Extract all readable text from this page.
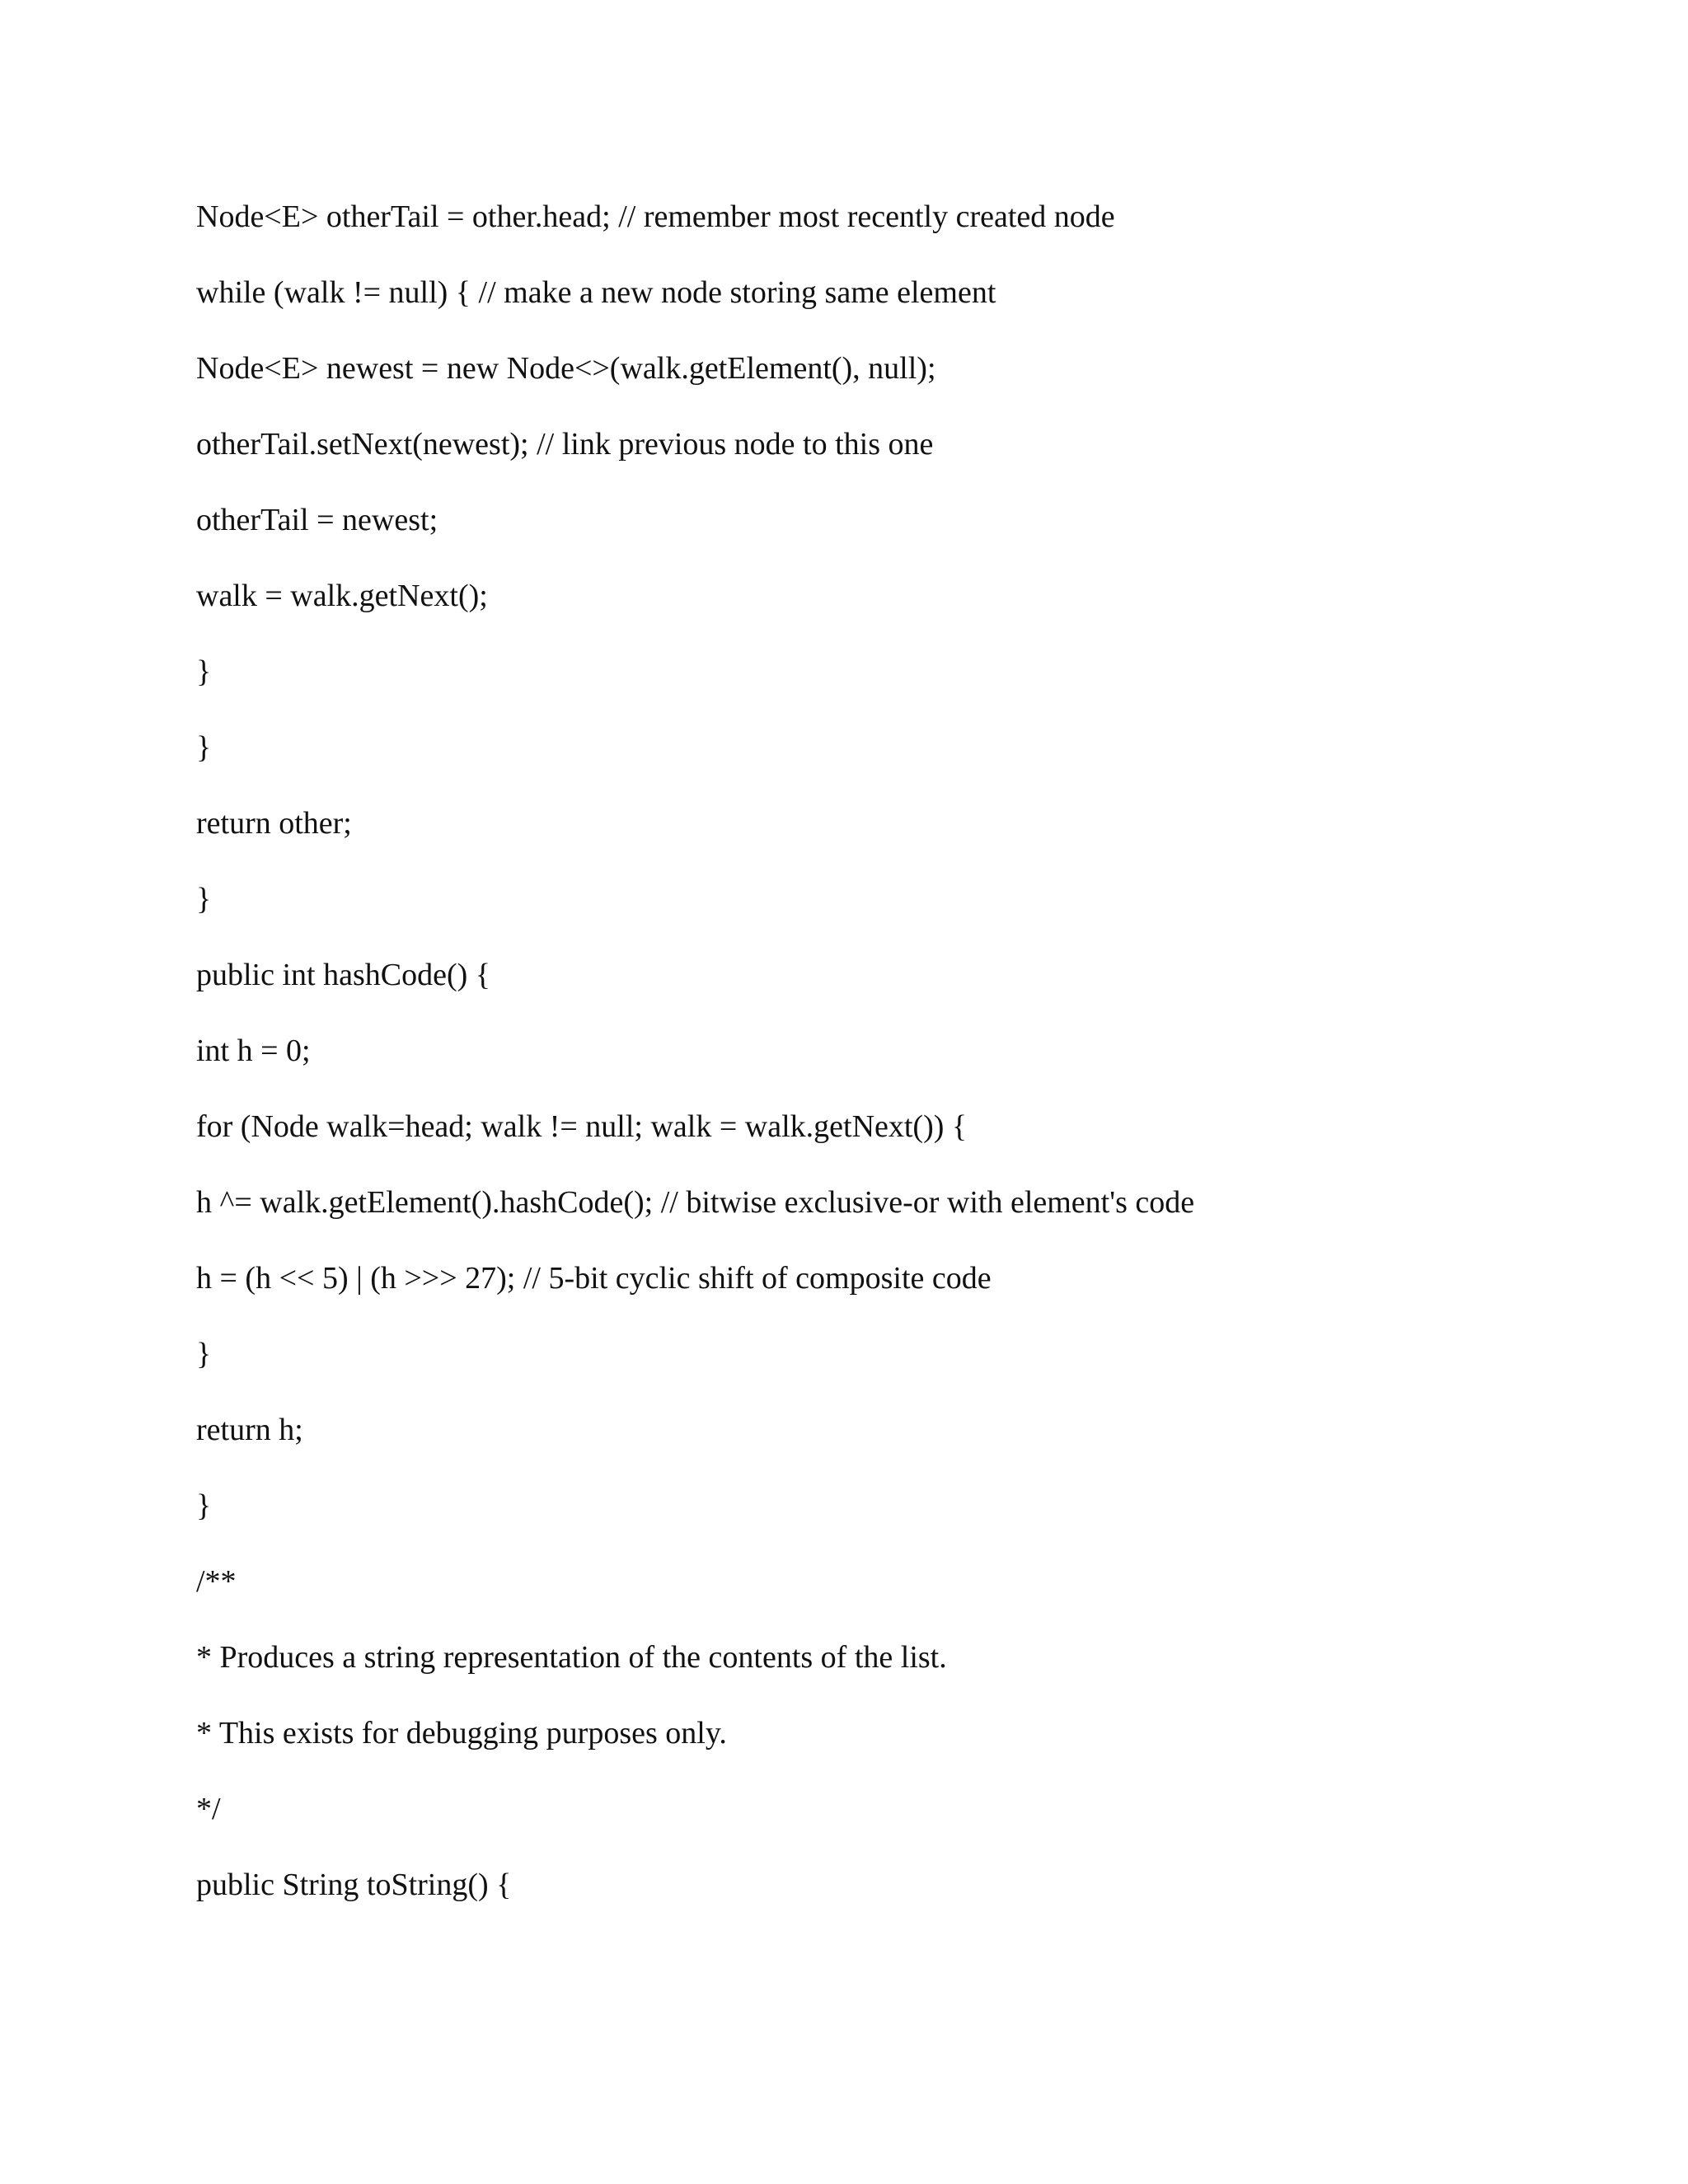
Node<E> otherTail = other.head; // remember most recently created node
while (walk != null) { // make a new node storing same element
Node<E> newest = new Node<>(walk.getElement(), null);
otherTail.setNext(newest); // link previous node to this one
otherTail = newest;
walk = walk.getNext();
}
}
return other;
}
public int hashCode() {
int h = 0;
for (Node walk=head; walk != null; walk = walk.getNext()) {
h ^= walk.getElement().hashCode(); // bitwise exclusive-or with element's code
h = (h << 5) | (h >>> 27); // 5-bit cyclic shift of composite code
}
return h;
}
/**
* Produces a string representation of the contents of the list.
* This exists for debugging purposes only.
*/
public String toString() {
